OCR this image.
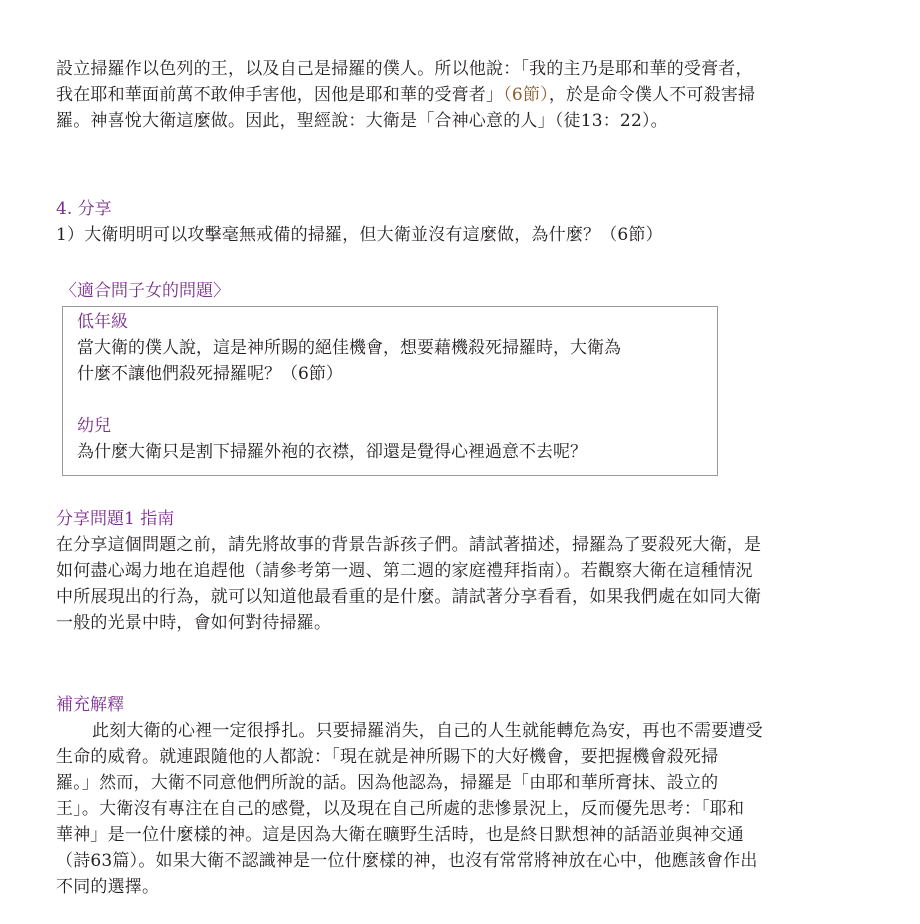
設立掃羅作以色列的王，以及自己是掃羅的僕人。所以他說：「我的主乃是耶和華的受膏者，

我在耶和華面前萬不敢伸手害他，因他是耶和華的受膏者」（6節），於是命令僕人不可殺害掃

羅。神喜悅大衛這麼做。因此，聖經說：大衛是「合神心意的人」（徒13：22）。

4. 分享

1）大衛明明可以攻擊毫無戒備的掃羅，但大衛並沒有這麼做，為什麼？（6節）

〈適合問子女的問題〉

低年級

當大衛的僕人說，這是神所賜的絕佳機會，想要藉機殺死掃羅時，大衛為

什麼不讓他們殺死掃羅呢？（6節）

幼兒

為什麼大衛只是割下掃羅外袍的衣襟，卻還是覺得心裡過意不去呢？

分享問題1 指南

在分享這個問題之前，請先將故事的背景告訴孩子們。請試著描述，掃羅為了要殺死大衛，是

如何盡心竭力地在追趕他（請參考第一週、第二週的家庭禮拜指南）。若觀察大衛在這種情況

中所展現出的行為，就可以知道他最看重的是什麼。請試著分享看看，如果我們處在如同大衛

一般的光景中時，會如何對待掃羅。

補充解釋

此刻大衛的心裡一定很掙扎。只要掃羅消失，自己的人生就能轉危為安，再也不需要遭受

生命的威脅。就連跟隨他的人都說：「現在就是神所賜下的大好機會，要把握機會殺死掃

羅。」然而，大衛不同意他們所說的話。因為他認為，掃羅是「由耶和華所膏抹、設立的

王」。大衛沒有專注在自己的感覺，以及現在自己所處的悲慘景況上，反而優先思考：「耶和

華神」是一位什麼樣的神。這是因為大衛在曠野生活時，也是終日默想神的話語並與神交通

（詩63篇）。如果大衛不認識神是一位什麼樣的神，也沒有常常將神放在心中，他應該會作出

不同的選擇。
